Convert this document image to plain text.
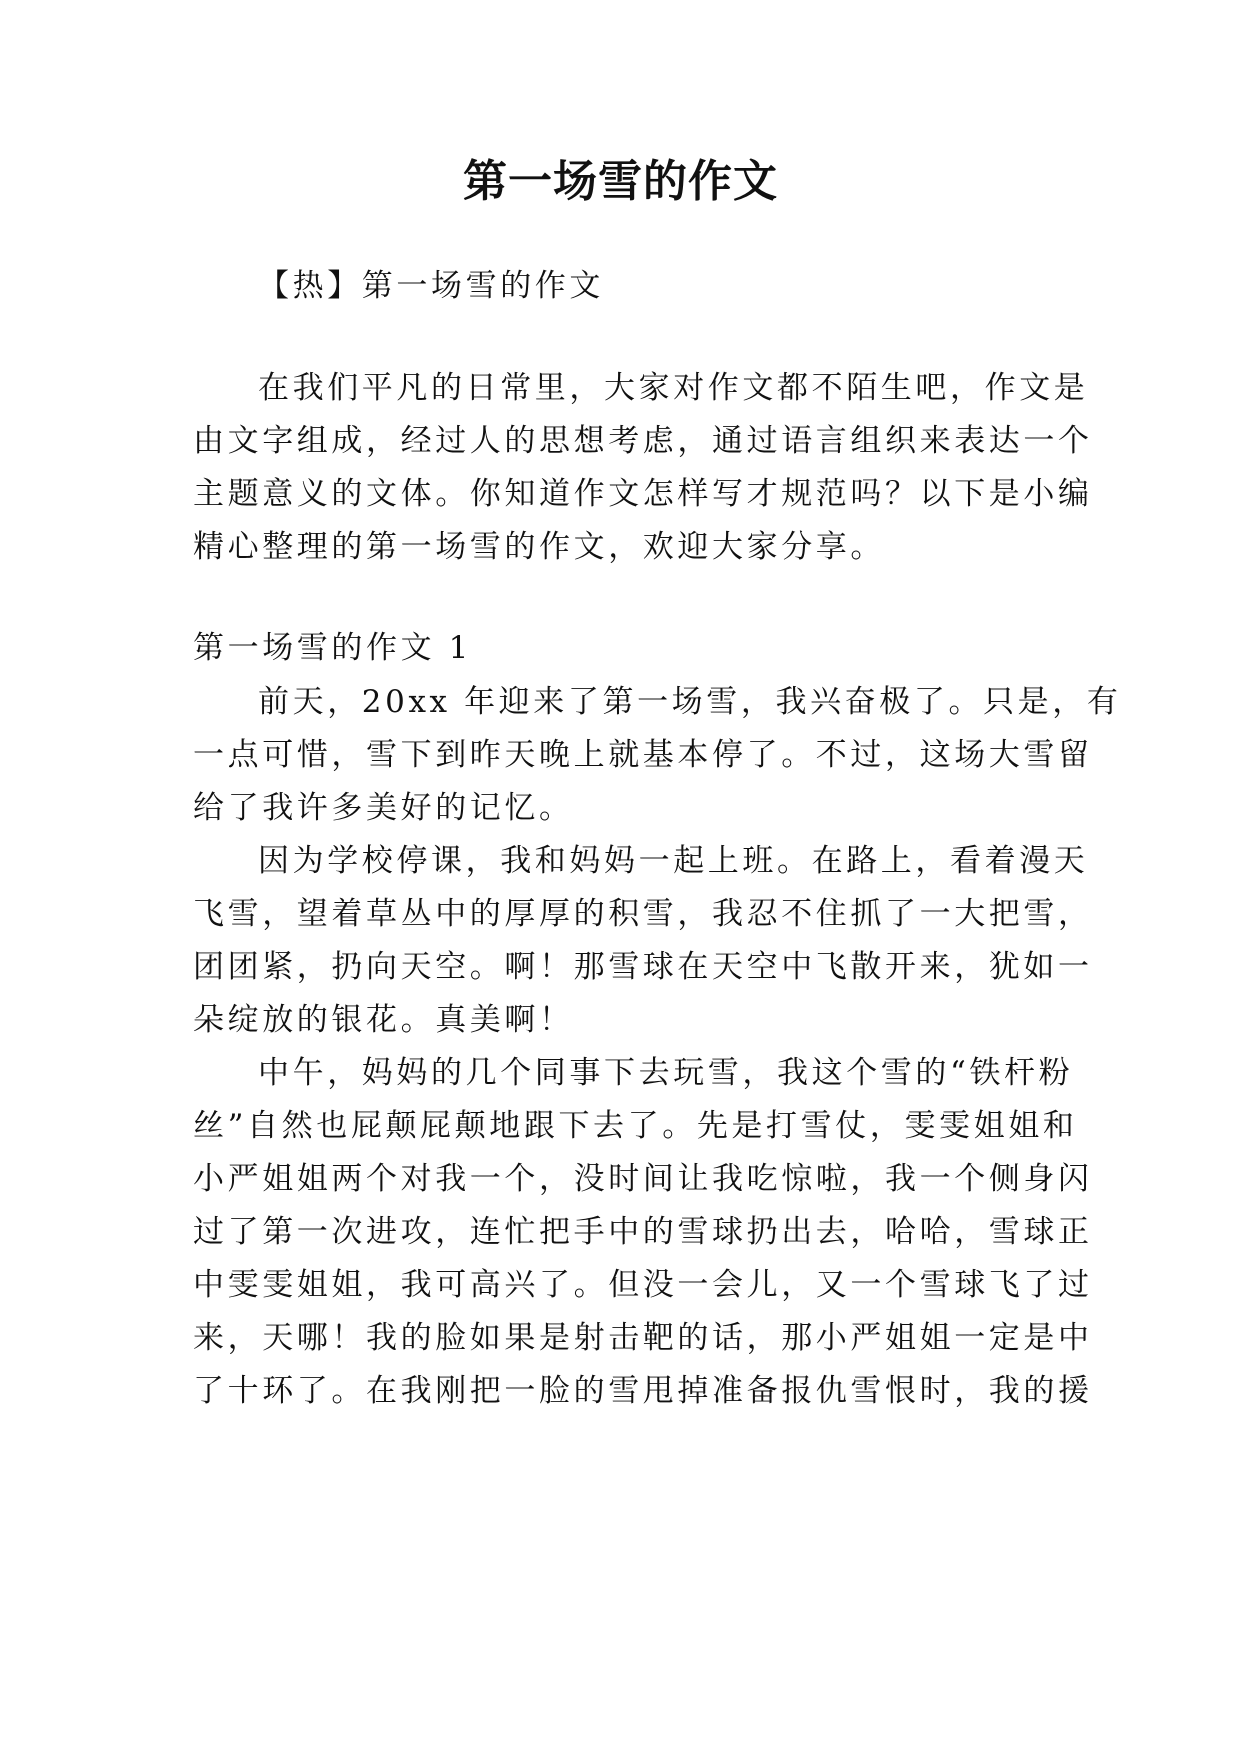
第一场雪的作文

【热】第一场雪的作文

在我们平凡的日常里，大家对作文都不陌生吧，作文是

由文字组成，经过人的思想考虑，通过语言组织来表达一个

主题意义的文体。你知道作文怎样写才规范吗？以下是小编

精心整理的第一场雪的作文，欢迎大家分享。

第一场雪的作文 1

前天，20xx 年迎来了第一场雪，我兴奋极了。只是，有

一点可惜，雪下到昨天晚上就基本停了。不过，这场大雪留

给了我许多美好的记忆。

因为学校停课，我和妈妈一起上班。在路上，看着漫天

飞雪，望着草丛中的厚厚的积雪，我忍不住抓了一大把雪，

团团紧，扔向天空。啊！那雪球在天空中飞散开来，犹如一

朵绽放的银花。真美啊！

中午，妈妈的几个同事下去玩雪，我这个雪的“铁杆粉

丝”自然也屁颠屁颠地跟下去了。先是打雪仗，雯雯姐姐和

小严姐姐两个对我一个，没时间让我吃惊啦，我一个侧身闪

过了第一次进攻，连忙把手中的雪球扔出去，哈哈，雪球正

中雯雯姐姐，我可高兴了。但没一会儿，又一个雪球飞了过

来，天哪！我的脸如果是射击靶的话，那小严姐姐一定是中

了十环了。在我刚把一脸的雪甩掉准备报仇雪恨时，我的援
